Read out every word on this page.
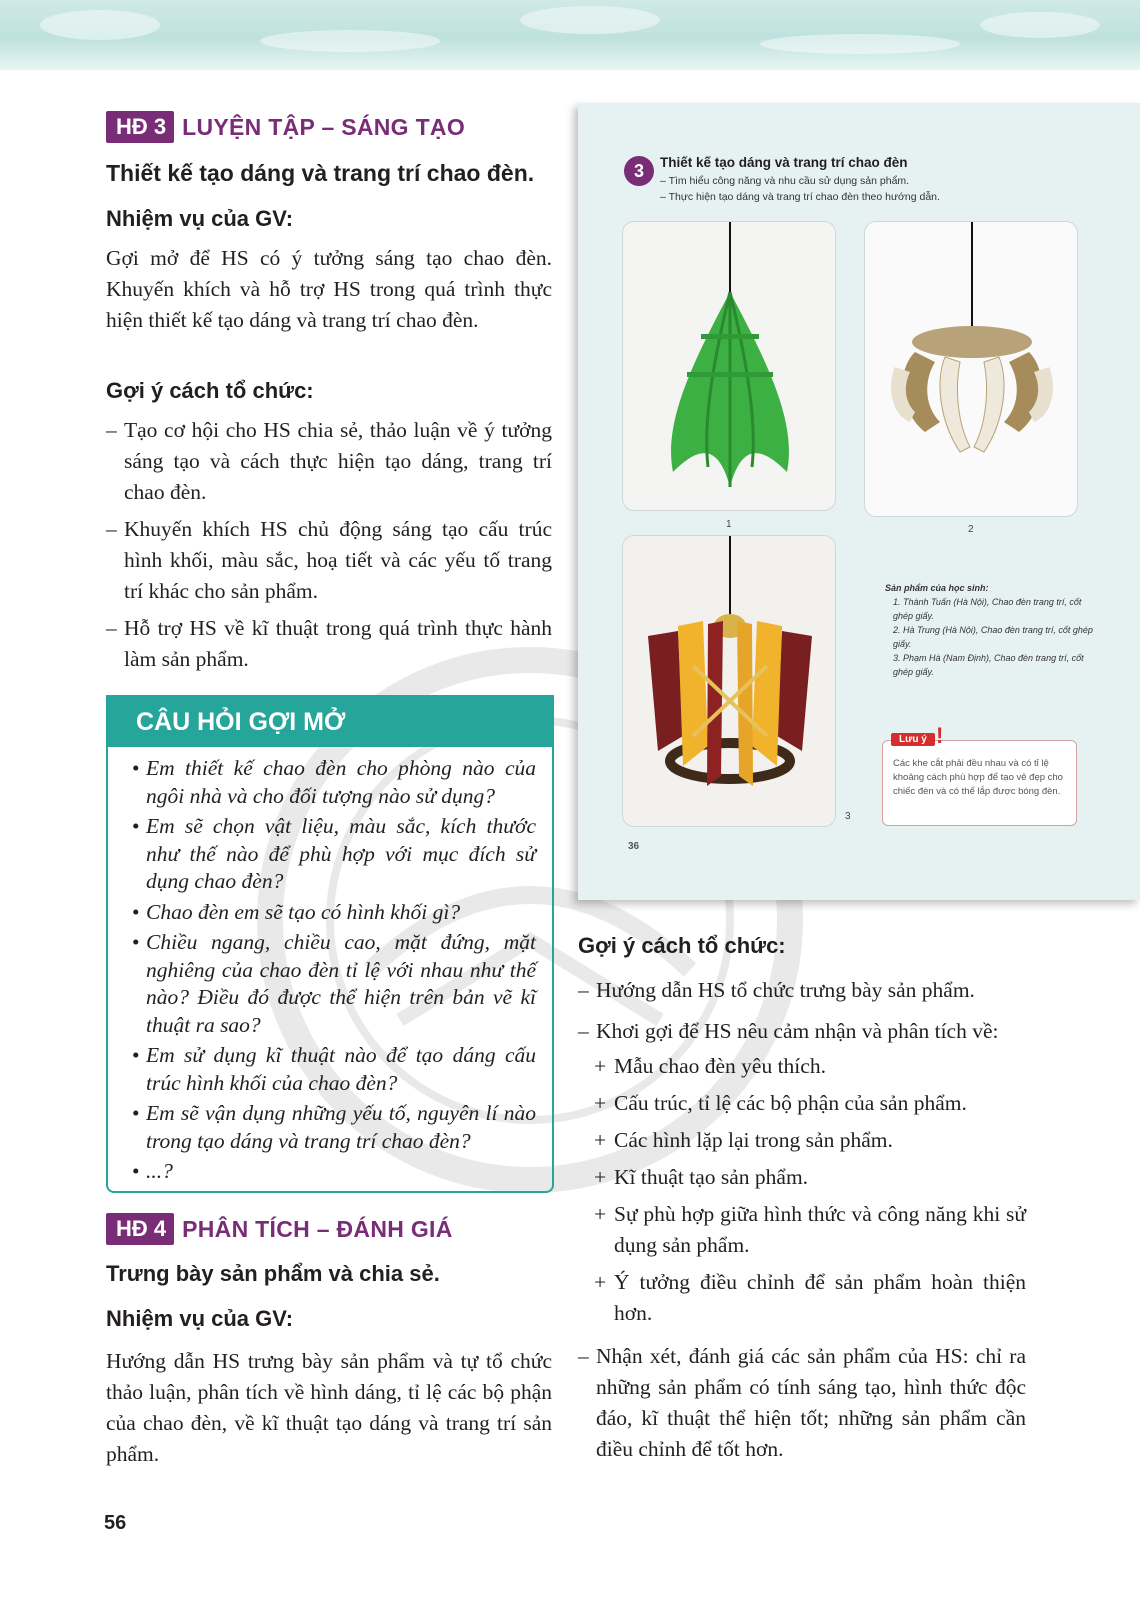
HĐ 3 LUYỆN TẬP – SÁNG TẠO
Thiết kế tạo dáng và trang trí chao đèn.
Nhiệm vụ của GV:
Gợi mở để HS có ý tưởng sáng tạo chao đèn. Khuyến khích và hỗ trợ HS trong quá trình thực hiện thiết kế tạo dáng và trang trí chao đèn.
Gợi ý cách tổ chức:
– Tạo cơ hội cho HS chia sẻ, thảo luận về ý tưởng sáng tạo và cách thực hiện tạo dáng, trang trí chao đèn.
– Khuyến khích HS chủ động sáng tạo cấu trúc hình khối, màu sắc, hoạ tiết và các yếu tố trang trí khác cho sản phẩm.
– Hỗ trợ HS về kĩ thuật trong quá trình thực hành làm sản phẩm.
CÂU HỎI GỢI MỞ
• Em thiết kế chao đèn cho phòng nào của ngôi nhà và cho đối tượng nào sử dụng?
• Em sẽ chọn vật liệu, màu sắc, kích thước như thế nào để phù hợp với mục đích sử dụng chao đèn?
• Chao đèn em sẽ tạo có hình khối gì?
• Chiều ngang, chiều cao, mặt đứng, mặt nghiêng của chao đèn tỉ lệ với nhau như thế nào? Điều đó được thể hiện trên bản vẽ kĩ thuật ra sao?
• Em sử dụng kĩ thuật nào để tạo dáng cấu trúc hình khối của chao đèn?
• Em sẽ vận dụng những yếu tố, nguyên lí nào trong tạo dáng và trang trí chao đèn?
• ...?
HĐ 4 PHÂN TÍCH – ĐÁNH GIÁ
Trưng bày sản phẩm và chia sẻ.
Nhiệm vụ của GV:
Hướng dẫn HS trưng bày sản phẩm và tự tổ chức thảo luận, phân tích về hình dáng, tỉ lệ các bộ phận của chao đèn, về kĩ thuật tạo dáng và trang trí sản phẩm.
3	Thiết kế tạo dáng và trang trí chao đèn
– Tìm hiểu công năng và nhu cầu sử dụng sản phẩm.
– Thực hiện tạo dáng và trang trí chao đèn theo hướng dẫn.
1	2
3
Sản phẩm của học sinh:
1. Thành Tuấn (Hà Nội), Chao đèn trang trí, cốt ghép giấy.
2. Hà Trung (Hà Nội), Chao đèn trang trí, cốt ghép giấy.
3. Phạm Hà (Nam Định), Chao đèn trang trí, cốt ghép giấy.
Lưu ý !
Các khe cắt phải đều nhau và có tỉ lệ khoảng cách phù hợp để tạo vẻ đẹp cho chiếc đèn và có thể lắp được bóng đèn.
36
Gợi ý cách tổ chức:
– Hướng dẫn HS tổ chức trưng bày sản phẩm.
– Khơi gợi để HS nêu cảm nhận và phân tích về:
+ Mẫu chao đèn yêu thích.
+ Cấu trúc, tỉ lệ các bộ phận của sản phẩm.
+ Các hình lặp lại trong sản phẩm.
+ Kĩ thuật tạo sản phẩm.
+ Sự phù hợp giữa hình thức và công năng khi sử dụng sản phẩm.
+ Ý tưởng điều chỉnh để sản phẩm hoàn thiện hơn.
– Nhận xét, đánh giá các sản phẩm của HS: chỉ ra những sản phẩm có tính sáng tạo, hình thức độc đáo, kĩ thuật thể hiện tốt; những sản phẩm cần điều chỉnh để tốt hơn.
56
